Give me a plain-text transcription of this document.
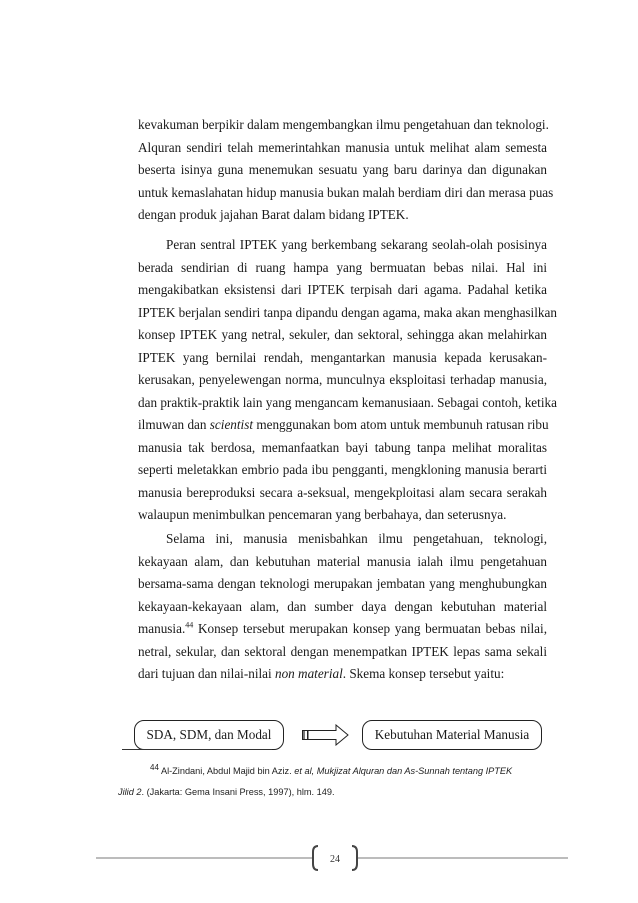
kevakuman berpikir dalam mengembangkan ilmu pengetahuan dan teknologi.
Alquran sendiri telah memerintahkan manusia untuk melihat alam semesta
beserta isinya guna menemukan sesuatu yang baru darinya dan digunakan
untuk kemaslahatan hidup manusia bukan malah berdiam diri dan merasa puas
dengan produk jajahan Barat dalam bidang IPTEK.
Peran sentral IPTEK yang berkembang sekarang seolah-olah posisinya
berada sendirian di ruang hampa yang bermuatan bebas nilai. Hal ini
mengakibatkan eksistensi dari IPTEK terpisah dari agama. Padahal ketika
IPTEK berjalan sendiri tanpa dipandu dengan agama, maka akan menghasilkan
konsep IPTEK yang netral, sekuler, dan sektoral, sehingga akan melahirkan
IPTEK yang bernilai rendah, mengantarkan manusia kepada kerusakan-
kerusakan, penyelewengan norma, munculnya eksploitasi terhadap manusia,
dan praktik-praktik lain yang mengancam kemanusiaan. Sebagai contoh, ketika
ilmuwan dan scientist menggunakan bom atom untuk membunuh ratusan ribu
manusia tak berdosa, memanfaatkan bayi tabung tanpa melihat moralitas
seperti meletakkan embrio pada ibu pengganti, mengkloning manusia berarti
manusia bereproduksi secara a-seksual, mengekploitasi alam secara serakah
walaupun menimbulkan pencemaran yang berbahaya, dan seterusnya.
Selama ini, manusia menisbahkan ilmu pengetahuan, teknologi,
kekayaan alam, dan kebutuhan material manusia ialah ilmu pengetahuan
bersama-sama dengan teknologi merupakan jembatan yang menghubungkan
kekayaan-kekayaan alam, dan sumber daya dengan kebutuhan material
manusia.$^{44}$ Konsep tersebut merupakan konsep yang bermuatan bebas nilai,
netral, sekular, dan sektoral dengan menempatkan IPTEK lepas sama sekali
dari tujuan dan nilai-nilai non material. Skema konsep tersebut yaitu:
SDA, SDM, dan Modal	Kebutuhan Material Manusia
$^{44}$ Al-Zindani, Abdul Majid bin Aziz. et al, Mukjizat Alquran dan As-Sunnah tentang IPTEK
Jilid 2. (Jakarta: Gema Insani Press, 1997), hlm. 149.
24
